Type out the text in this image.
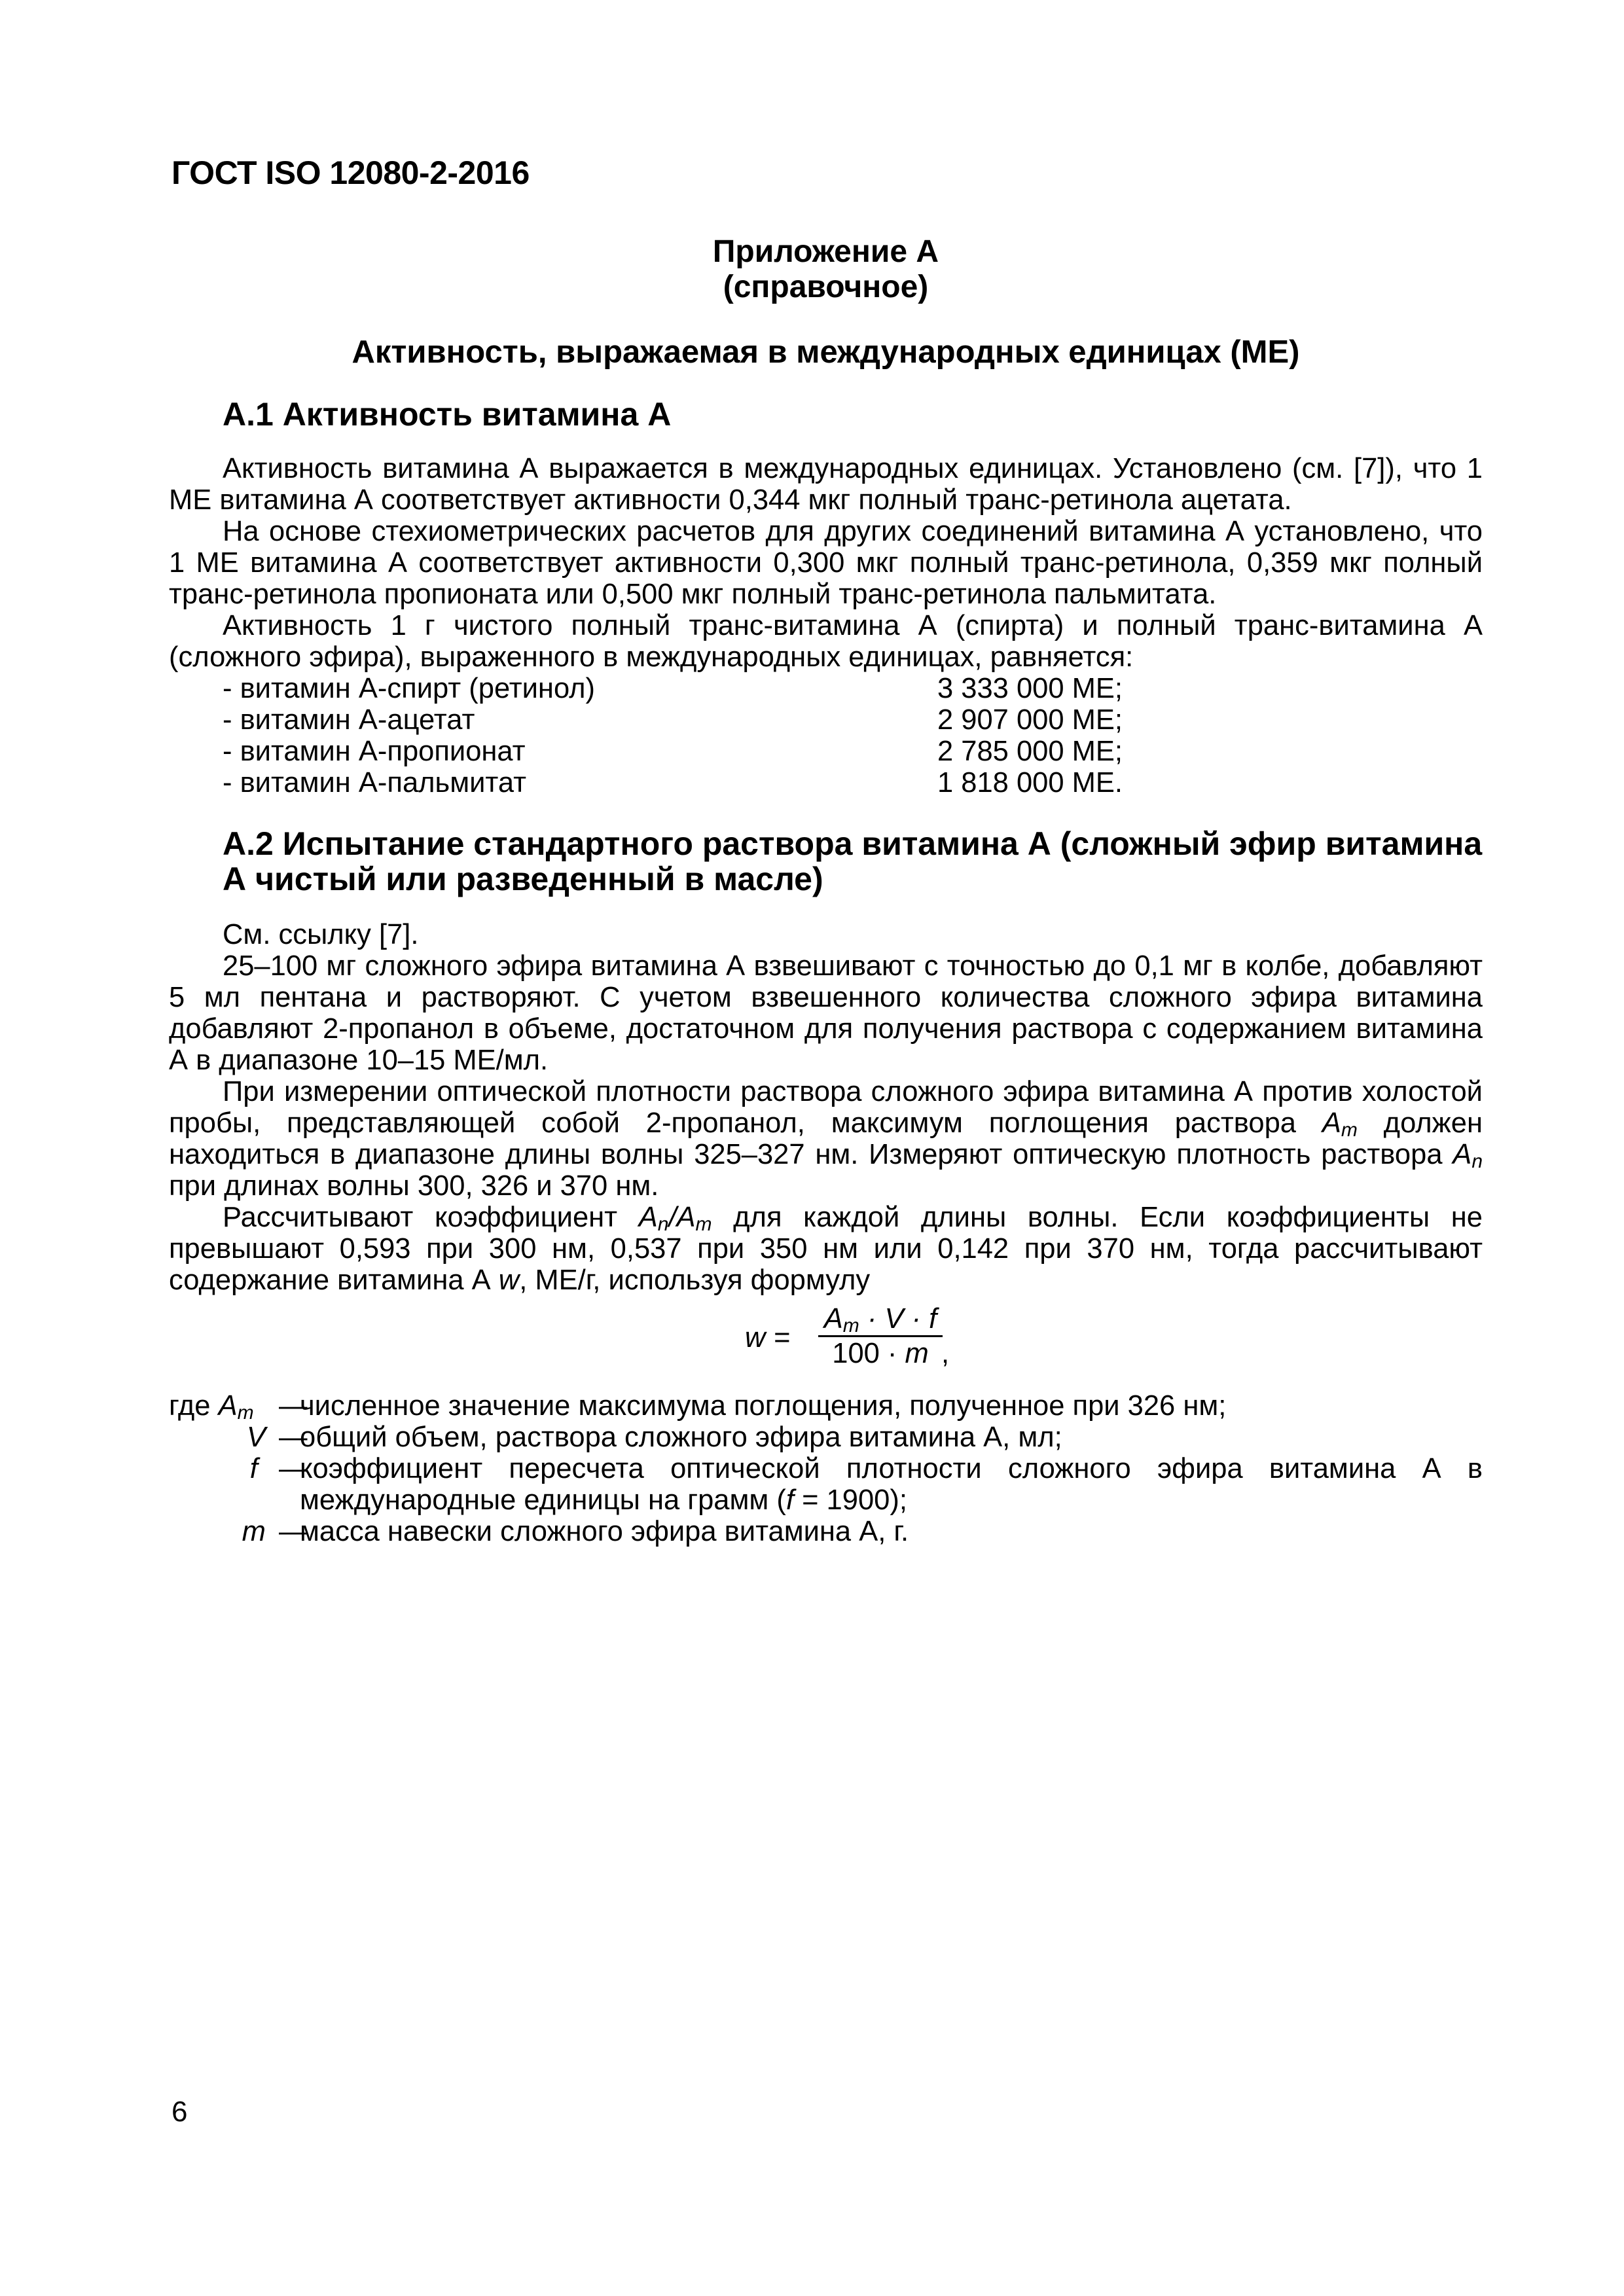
ГОСТ ISO 12080-2-2016
Приложение А
(справочное)
Активность, выражаемая в международных единицах (МЕ)
А.1 Активность витамина А

Активность витамина А выражается в международных единицах. Установлено (см. [7]), что 1 МЕ витамина А соответствует активности 0,344 мкг полный транс-ретинола ацетата.

На основе стехиометрических расчетов для других соединений витамина А установлено, что 1 МЕ витамина А соответствует активности 0,300 мкг полный транс-ретинола, 0,359 мкг полный транс-ретинола пропионата или 0,500 мкг полный транс-ретинола пальмитата.

Активность 1 г чистого полный транс-витамина А (спирта) и полный транс-витамина А (сложного эфира), выраженного в международных единицах, равняется:

- витамин А-спирт (ретинол)	3 333 000 МЕ;
- витамин А-ацетат	2 907 000 МЕ;
- витамин А-пропионат	2 785 000 МЕ;
- витамин А-пальмитат	1 818 000 МЕ.
А.2 Испытание стандартного раствора витамина А (сложный эфир витамина А чистый или разведенный в масле)

См. ссылку [7].

25–100 мг сложного эфира витамина А взвешивают с точностью до 0,1 мг в колбе, добавляют 5 мл пентана и растворяют. С учетом взвешенного количества сложного эфира витамина добавляют 2-пропанол в объеме, достаточном для получения раствора с содержанием витамина А в диапазоне 10–15 МЕ/мл.

При измерении оптической плотности раствора сложного эфира витамина А против холостой пробы, представляющей собой 2-пропанол, максимум поглощения раствора $A_m$ должен находиться в диапазоне длины волны 325–327 нм. Измеряют оптическую плотность раствора $A_n$ при длинах волны 300, 326 и 370 нм.

Рассчитывают коэффициент $A_n/A_m$ для каждой длины волны. Если коэффициенты не превышают 0,593 при 300 нм, 0,537 при 350 нм или 0,142 при 370 нм, тогда рассчитывают содержание витамина А w, МЕ/г, используя формулу

w =
$A_m \cdot V \cdot f$
100 · m ,
где $A_m$ —
численное значение максимума поглощения, полученное при 326 нм;
V —
общий объем, раствора сложного эфира витамина А, мл;
f —
коэффициент пересчета оптической плотности сложного эфира витамина А в международные единицы на грамм (f = 1900);
m —
масса навески сложного эфира витамина А, г.
6
